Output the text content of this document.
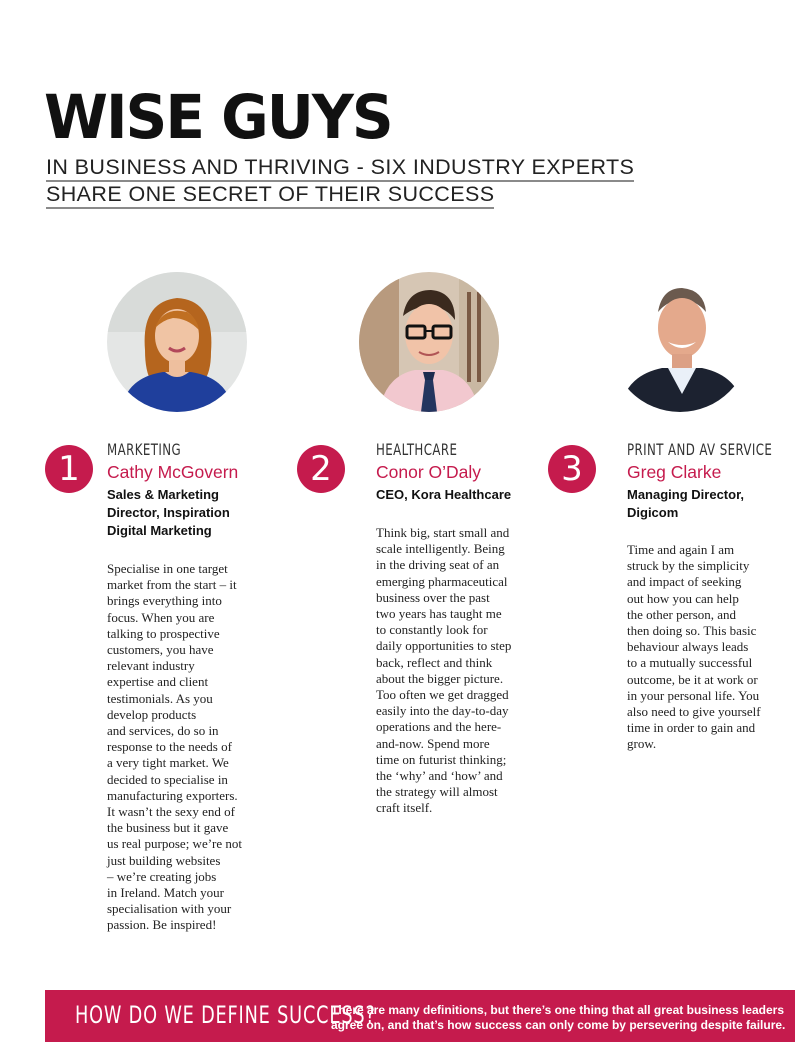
WISE GUYS
IN BUSINESS AND THRIVING - SIX INDUSTRY EXPERTS
SHARE ONE SECRET OF THEIR SUCCESS
1	MARKETING
Cathy McGovern
Sales & Marketing
Director, Inspiration
Digital Marketing
Specialise in one target
market from the start – it
brings everything into
focus. When you are
talking to prospective
customers, you have
relevant industry
expertise and client
testimonials. As you
develop products
and services, do so in
response to the needs of
a very tight market. We
decided to specialise in
manufacturing exporters.
It wasn’t the sexy end of
the business but it gave
us real purpose; we’re not
just building websites
– we’re creating jobs
in Ireland. Match your
specialisation with your
passion. Be inspired!
2	HEALTHCARE
Conor O’Daly
CEO, Kora Healthcare
Think big, start small and
scale intelligently. Being
in the driving seat of an
emerging pharmaceutical
business over the past
two years has taught me
to constantly look for
daily opportunities to step
back, reflect and think
about the bigger picture.
Too often we get dragged
easily into the day-to-day
operations and the here-
and-now. Spend more
time on futurist thinking;
the ‘why’ and ‘how’ and
the strategy will almost
craft itself.
3	PRINT AND AV SERVICE
Greg Clarke
Managing Director,
Digicom
Time and again I am
struck by the simplicity
and impact of seeking
out how you can help
the other person, and
then doing so. This basic
behaviour always leads
to a mutually successful
outcome, be it at work or
in your personal life. You
also need to give yourself
time in order to gain and
grow.
HOW DO WE DEFINE SUCCESS?
There are many definitions, but there’s one thing that all great business leaders
agree on, and that’s how success can only come by persevering despite failure.
